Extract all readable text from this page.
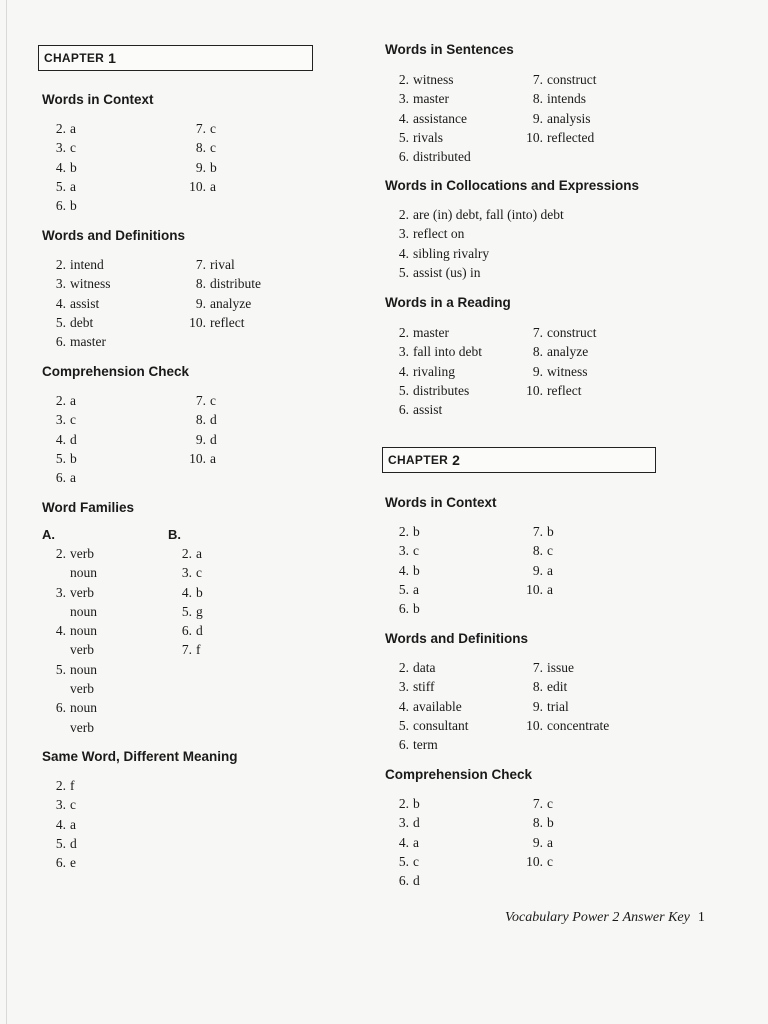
CHAPTER 1
Words in Context
2. a
3. c
4. b
5. a
6. b
7. c
8. c
9. b
10. a
Words and Definitions
2. intend
3. witness
4. assist
5. debt
6. master
7. rival
8. distribute
9. analyze
10. reflect
Comprehension Check
2. a
3. c
4. d
5. b
6. a
7. c
8. d
9. d
10. a
Word Families
A.	B.
2. verb
noun
3. verb
noun
4. noun
verb
5. noun
verb
6. noun
verb
2. a
3. c
4. b
5. g
6. d
7. f
Same Word, Different Meaning
2. f
3. c
4. a
5. d
6. e
Words in Sentences
2. witness
3. master
4. assistance
5. rivals
6. distributed
7. construct
8. intends
9. analysis
10. reflected
Words in Collocations and Expressions
2. are (in) debt, fall (into) debt
3. reflect on
4. sibling rivalry
5. assist (us) in
Words in a Reading
2. master
3. fall into debt
4. rivaling
5. distributes
6. assist
7. construct
8. analyze
9. witness
10. reflect
CHAPTER 2
Words in Context
2. b
3. c
4. b
5. a
6. b
7. b
8. c
9. a
10. a
Words and Definitions
2. data
3. stiff
4. available
5. consultant
6. term
7. issue
8. edit
9. trial
10. concentrate
Comprehension Check
2. b
3. d
4. a
5. c
6. d
7. c
8. b
9. a
10. c
Vocabulary Power 2 Answer Key 1
